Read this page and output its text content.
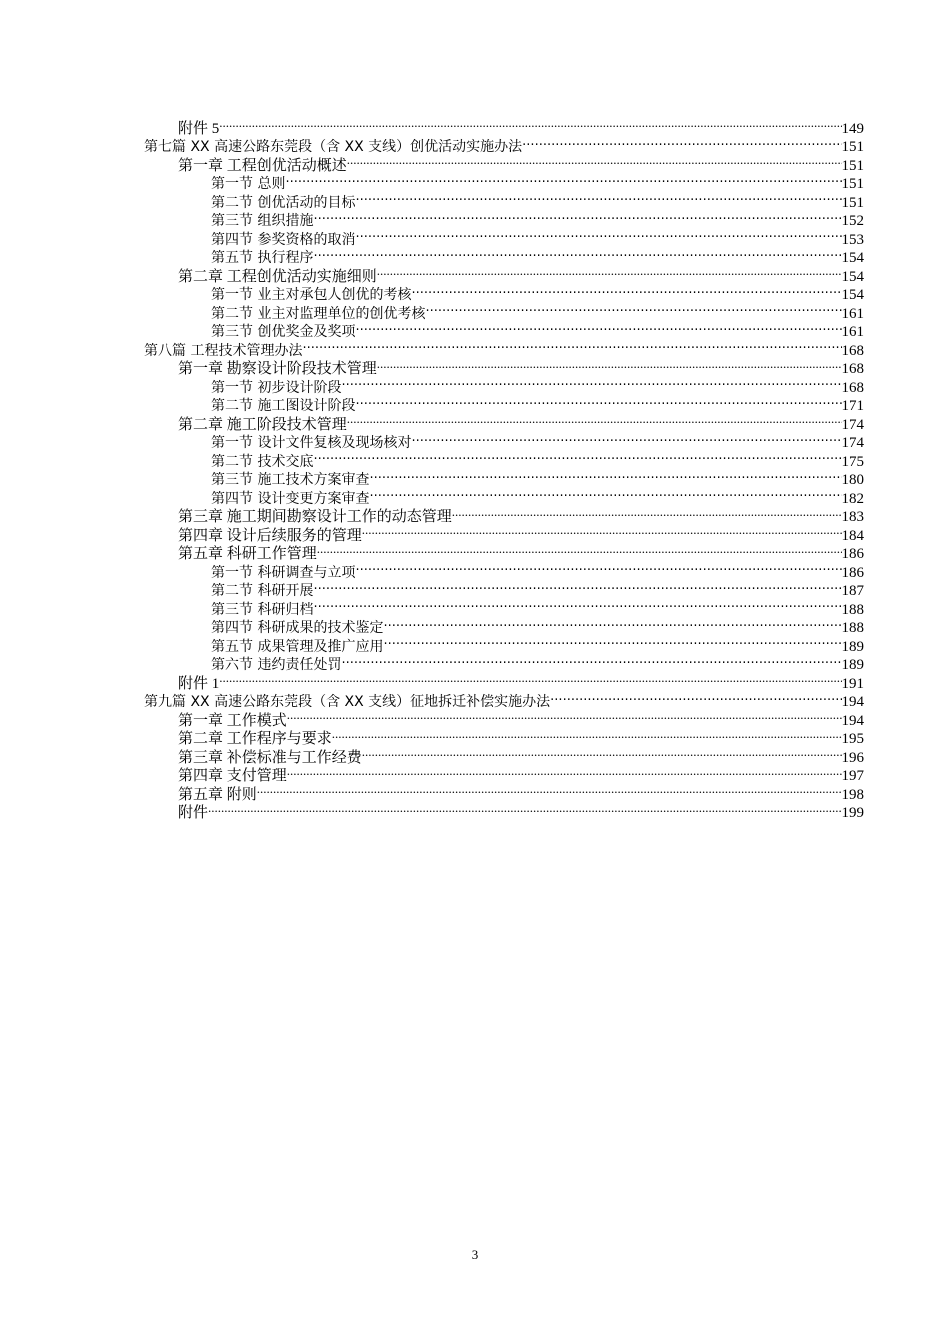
附件 5 .....	149
第七篇 XX 高速公路东莞段（含 XX 支线）创优活动实施办法 .....	151
第一章 工程创优活动概述 .....	151
第一节 总则 .....	151
第二节 创优活动的目标 .....	151
第三节 组织措施 .....	152
第四节 参奖资格的取消 .....	153
第五节 执行程序 .....	154
第二章 工程创优活动实施细则 .....	154
第一节 业主对承包人创优的考核 .....	154
第二节 业主对监理单位的创优考核 .....	161
第三节 创优奖金及奖项 .....	161
第八篇 工程技术管理办法 .....	168
第一章 勘察设计阶段技术管理 .....	168
第一节 初步设计阶段 .....	168
第二节 施工图设计阶段 .....	171
第二章 施工阶段技术管理 .....	174
第一节 设计文件复核及现场核对 .....	174
第二节 技术交底 .....	175
第三节 施工技术方案审查 .....	180
第四节 设计变更方案审查 .....	182
第三章 施工期间勘察设计工作的动态管理 .....	183
第四章 设计后续服务的管理 .....	184
第五章 科研工作管理 .....	186
第一节 科研调查与立项 .....	186
第二节 科研开展 .....	187
第三节 科研归档 .....	188
第四节 科研成果的技术鉴定 .....	188
第五节 成果管理及推广应用 .....	189
第六节 违约责任处罚 .....	189
附件 1 .....	191
第九篇 XX 高速公路东莞段（含 XX 支线）征地拆迁补偿实施办法 .....	194
第一章 工作模式 .....	194
第二章 工作程序与要求 .....	195
第三章 补偿标准与工作经费 .....	196
第四章 支付管理 .....	197
第五章 附则 .....	198
附件 .....	199
3
